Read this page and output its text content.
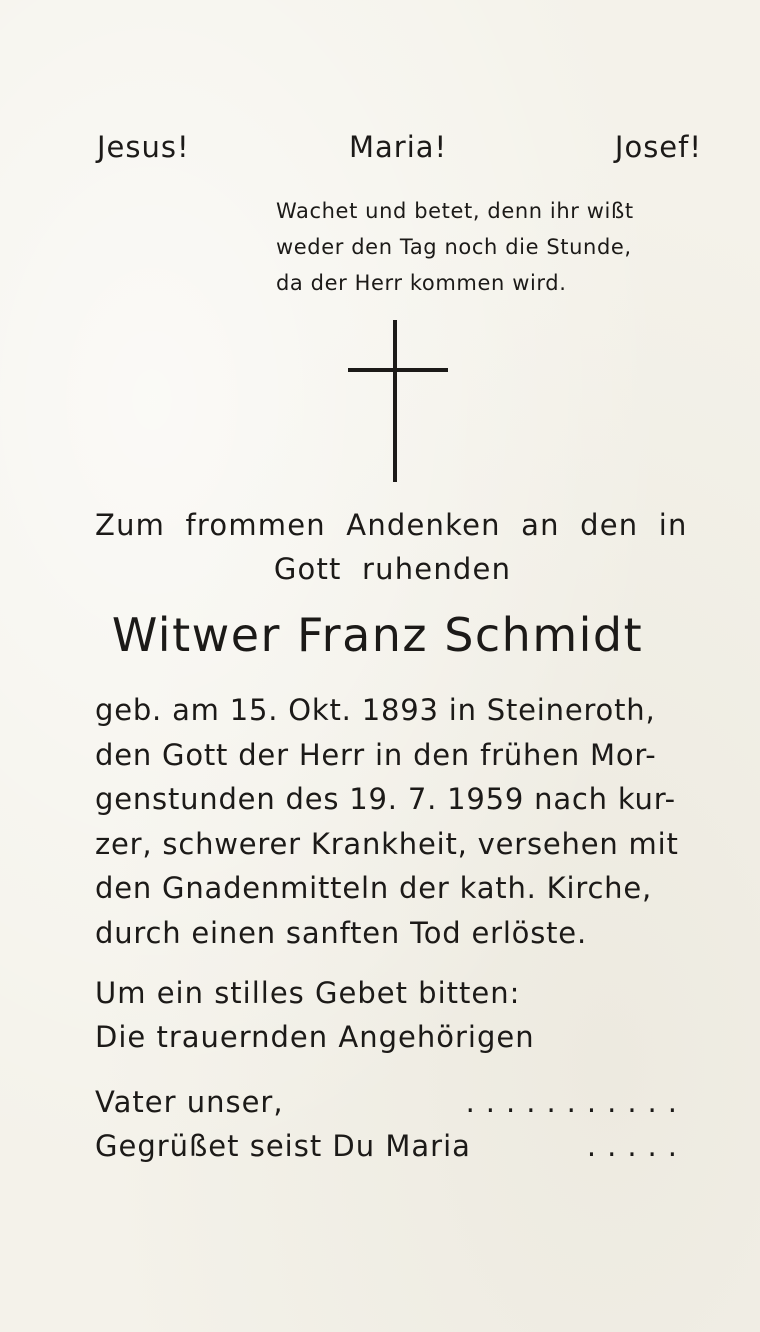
Jesus!	Maria!	Josef!
Wachet und betet, denn ihr wißt
weder den Tag noch die Stunde,
da der Herr kommen wird.
Zum frommen Andenken an den in
Gott ruhenden
Witwer Franz Schmidt
geb. am 15. Okt. 1893 in Steineroth,
den Gott der Herr in den frühen Mor-
genstunden des 19. 7. 1959 nach kur-
zer, schwerer Krankheit, versehen mit
den Gnadenmitteln der kath. Kirche,
durch einen sanften Tod erlöste.
Um ein stilles Gebet bitten:
Die trauernden Angehörigen
Vater unser,	...........
Gegrüßet seist Du Maria	.....
